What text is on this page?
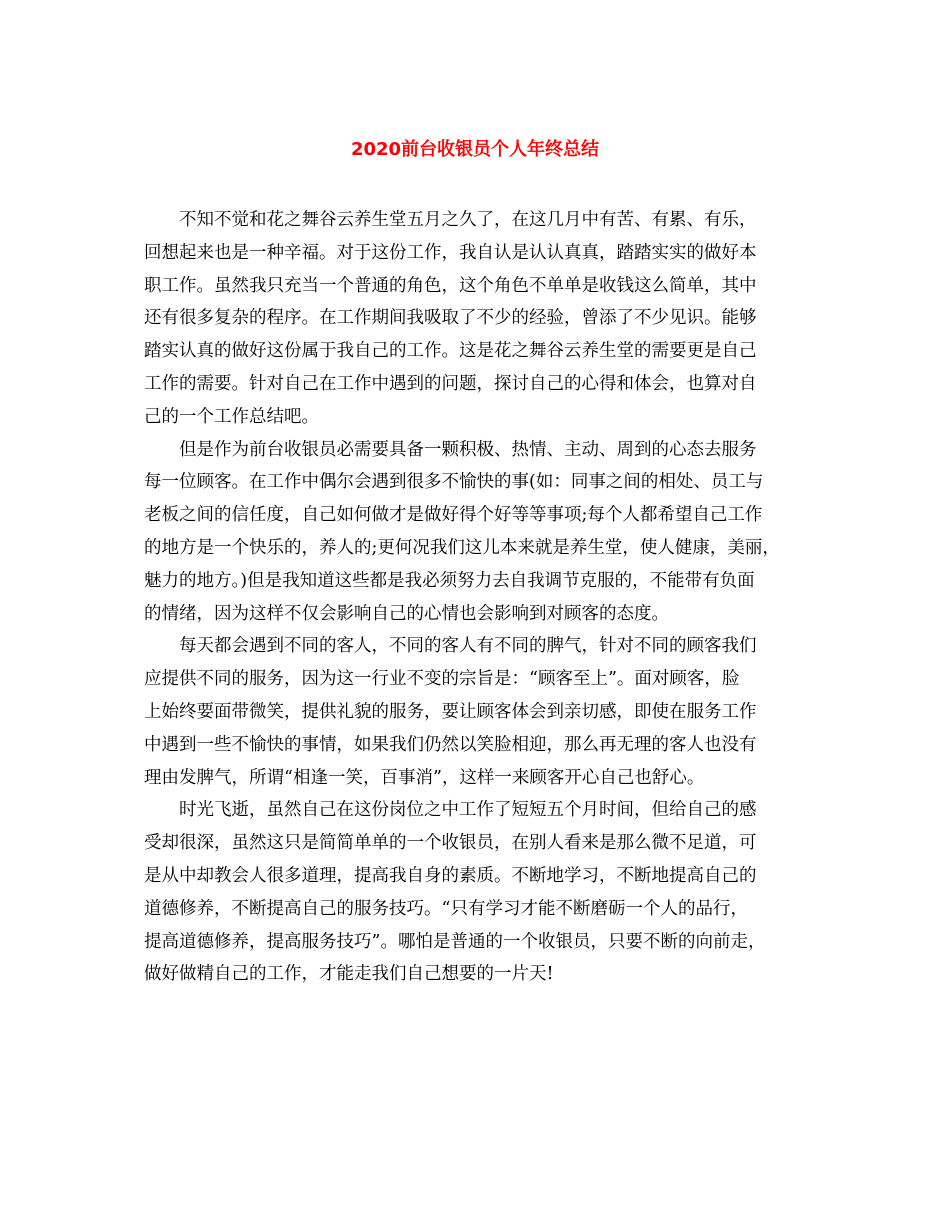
2020前台收银员个人年终总结
不知不觉和花之舞谷云养生堂五月之久了，在这几月中有苦、有累、有乐，
回想起来也是一种辛福。对于这份工作，我自认是认认真真，踏踏实实的做好本
职工作。虽然我只充当一个普通的角色，这个角色不单单是收钱这么简单，其中
还有很多复杂的程序。在工作期间我吸取了不少的经验，曾添了不少见识。能够
踏实认真的做好这份属于我自己的工作。这是花之舞谷云养生堂的需要更是自己
工作的需要。针对自己在工作中遇到的问题，探讨自己的心得和体会，也算对自
己的一个工作总结吧。
但是作为前台收银员必需要具备一颗积极、热情、主动、周到的心态去服务
每一位顾客。在工作中偶尔会遇到很多不愉快的事(如：同事之间的相处、员工与
老板之间的信任度，自己如何做才是做好得个好等等事项;每个人都希望自己工作
的地方是一个快乐的，养人的;更何况我们这儿本来就是养生堂，使人健康，美丽，
魅力的地方。)但是我知道这些都是我必须努力去自我调节克服的，不能带有负面
的情绪，因为这样不仅会影响自己的心情也会影响到对顾客的态度。
每天都会遇到不同的客人，不同的客人有不同的脾气，针对不同的顾客我们
应提供不同的服务，因为这一行业不变的宗旨是：“顾客至上”。面对顾客，脸
上始终要面带微笑，提供礼貌的服务，要让顾客体会到亲切感，即使在服务工作
中遇到一些不愉快的事情，如果我们仍然以笑脸相迎，那么再无理的客人也没有
理由发脾气，所谓“相逢一笑，百事消”，这样一来顾客开心自己也舒心。
时光飞逝，虽然自己在这份岗位之中工作了短短五个月时间，但给自己的感
受却很深，虽然这只是简简单单的一个收银员，在别人看来是那么微不足道，可
是从中却教会人很多道理，提高我自身的素质。不断地学习，不断地提高自己的
道德修养，不断提高自己的服务技巧。“只有学习才能不断磨砺一个人的品行，
提高道德修养，提高服务技巧”。哪怕是普通的一个收银员，只要不断的向前走，
做好做精自己的工作，才能走我们自己想要的一片天!
